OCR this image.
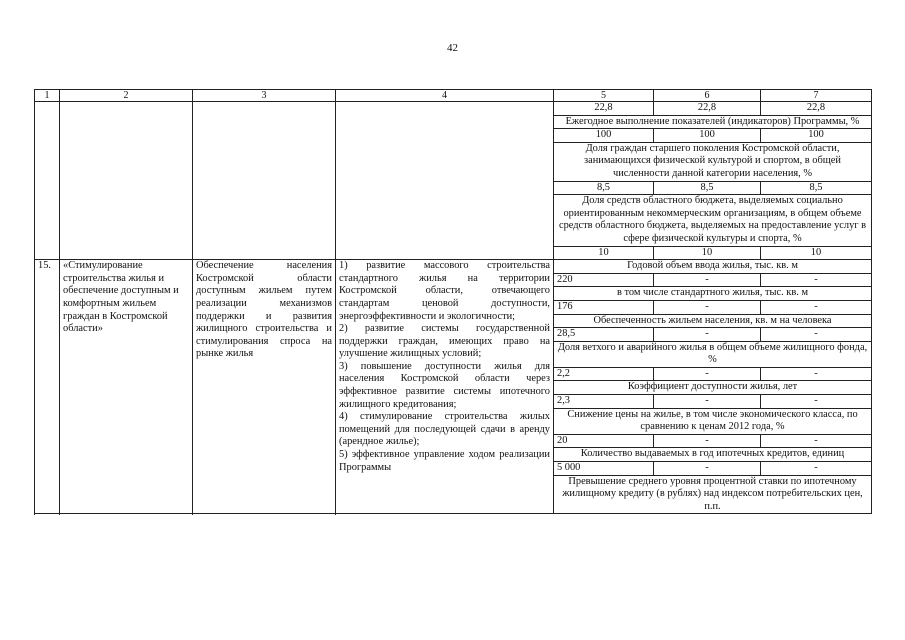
42
1	2	3	4	5	6	7
				22,8	22,8	22,8
				Ежегодное выполнение показателей (индикаторов) Программы, %		
				100	100	100
				Доля граждан старшего поколения Костромской области, занимающихся физической культурой и спортом, в общей численности данной категории населения, %		
				8,5	8,5	8,5
				Доля средств областного бюджета, выделяемых социально ориентированным некоммерческим организациям, в общем объеме средств областного бюджета, выделяемых на предоставление услуг в сфере физической культуры и спорта, %		
				10	10	10

15.	«Стимулирование строительства жилья и обеспечение доступным и комфортным жильем граждан в Костромской области»	Обеспечение населения Костромской области доступным жильем путем реализации механизмов поддержки и развития жилищного строительства и стимулирования спроса на рынке жилья	1) развитие массового строительства стандартного жилья на территории Костромской области, отвечающего стандартам ценовой доступности, энергоэффективности и экологичности;
2) развитие системы государственной поддержки граждан, имеющих право на улучшение жилищных условий;
3) повышение доступности жилья для населения Костромской области через эффективное развитие системы ипотечного жилищного кредитования;
4) стимулирование строительства жилых помещений для последующей сдачи в аренду (арендное жилье);
5) эффективное управление ходом реализации Программы	Годовой объем ввода жилья, тыс. кв. м		
				220	-	-
				в том числе стандартного жилья, тыс. кв. м		
				176	-	-
				Обеспеченность жильем населения, кв. м на человека		
				28,5	-	-
				Доля ветхого и аварийного жилья в общем объеме жилищного фонда, %		
				2,2	-	-
				Коэффициент доступности жилья, лет		
				2,3	-	-
				Снижение цены на жилье, в том числе экономического класса, по сравнению к ценам 2012 года, %		
				20	-	-
				Количество выдаваемых в год ипотечных кредитов, единиц		
				5 000	-	-
				Превышение среднего уровня процентной ставки по ипотечному жилищному кредиту (в рублях) над индексом потребительских цен, п.п.		
